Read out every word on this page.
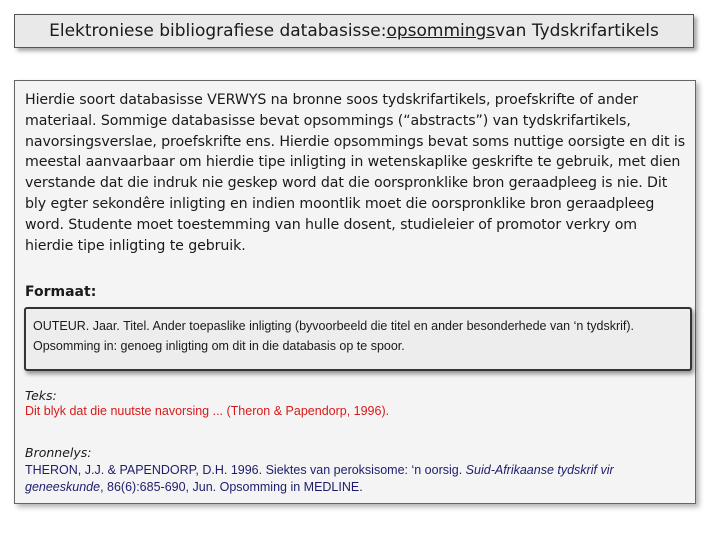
Elektroniese bibliografiese databasisse: opsommings van Tydskrifartikels

Hierdie soort databasisse VERWYS na bronne soos tydskrifartikels, proefskrifte of ander materiaal. Sommige databasisse bevat opsommings (“abstracts”) van tydskrifartikels, navorsingsverslae, proefskrifte ens. Hierdie opsommings bevat soms nuttige oorsigte en dit is meestal aanvaarbaar om hierdie tipe inligting in wetenskaplike geskrifte te gebruik, met dien verstande dat die indruk nie geskep word dat die oorspronklike bron geraadpleeg is nie. Dit bly egter sekondêre inligting en indien moontlik moet die oorspronklike bron geraadpleeg word. Studente moet toestemming van hulle dosent, studieleier of promotor verkry om hierdie tipe inligting te gebruik.

Formaat:

OUTEUR. Jaar. Titel. Ander toepaslike inligting (byvoorbeeld die titel en ander besonderhede van ‘n tydskrif). Opsomming in: genoeg inligting om dit in die databasis op te spoor.

Teks:

Dit blyk dat die nuutste navorsing ... (Theron & Papendorp, 1996).

Bronnelys:

THERON, J.J. & PAPENDORP, D.H. 1996. Siektes van peroksisome: ‘n oorsig. Suid-Afrikaanse tydskrif vir geneeskunde, 86(6):685-690, Jun. Opsomming in MEDLINE.
